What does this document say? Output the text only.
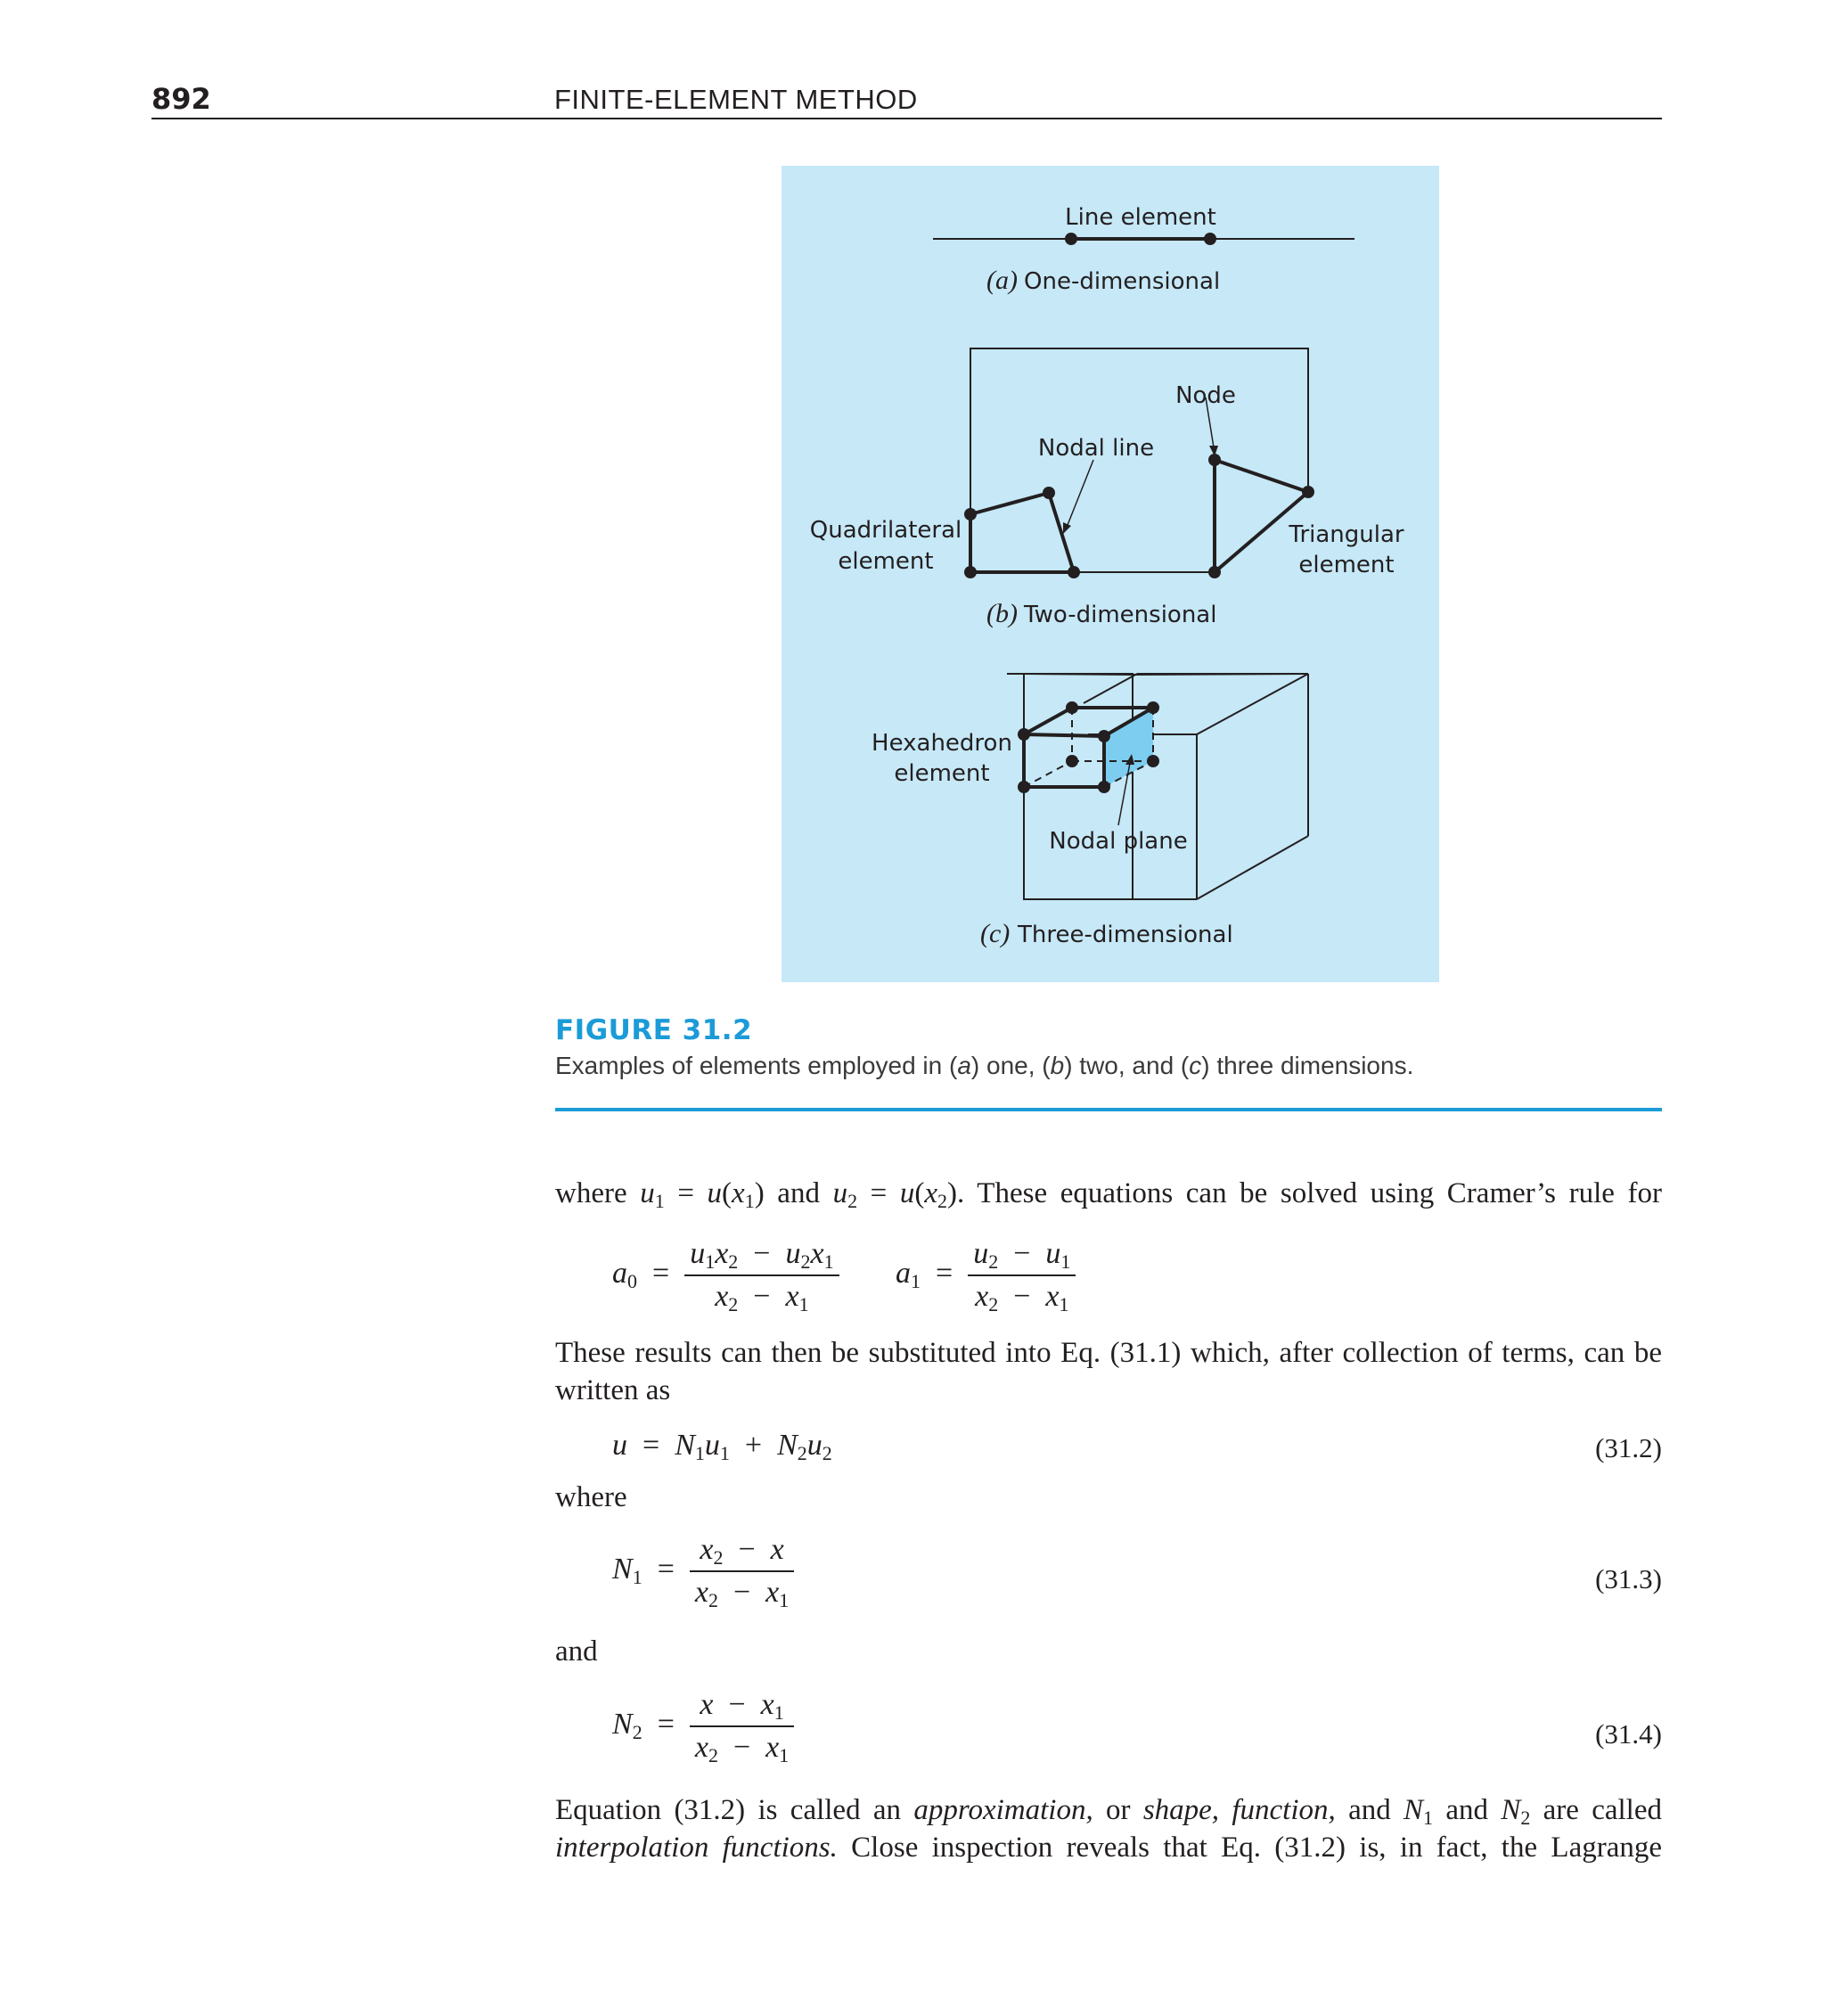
892	FINITE-ELEMENT METHOD
Line element
(a) One-dimensional
Node
Nodal line
Quadrilateral
element
Triangular
element
(b) Two-dimensional
Hexahedron
element
Nodal plane
(c) Three-dimensional
FIGURE 31.2
Examples of elements employed in (a) one, (b) two, and (c) three dimensions.
where $u_1 = u(x_1)$ and $u_2 = u(x_2)$. These equations can be solved using Cramer’s rule for
$a_0 = \frac{u_1x_2 - u_2x_1}{x_2 - x_1} a_1 = \frac{u_2 - u_1}{x_2 - x_1}$
These results can then be substituted into Eq. (31.1) which, after collection of terms, can be written as
$u = N_1u_1 + N_2u_2$	(31.2)
where
$N_1 = \frac{x_2 - x}{x_2 - x_1}$	(31.3)
and
$N_2 = \frac{x - x_1}{x_2 - x_1}$	(31.4)
Equation (31.2) is called an approximation, or shape, function, and $N_1$ and $N_2$ are called
interpolation functions. Close inspection reveals that Eq. (31.2) is, in fact, the Lagrange
